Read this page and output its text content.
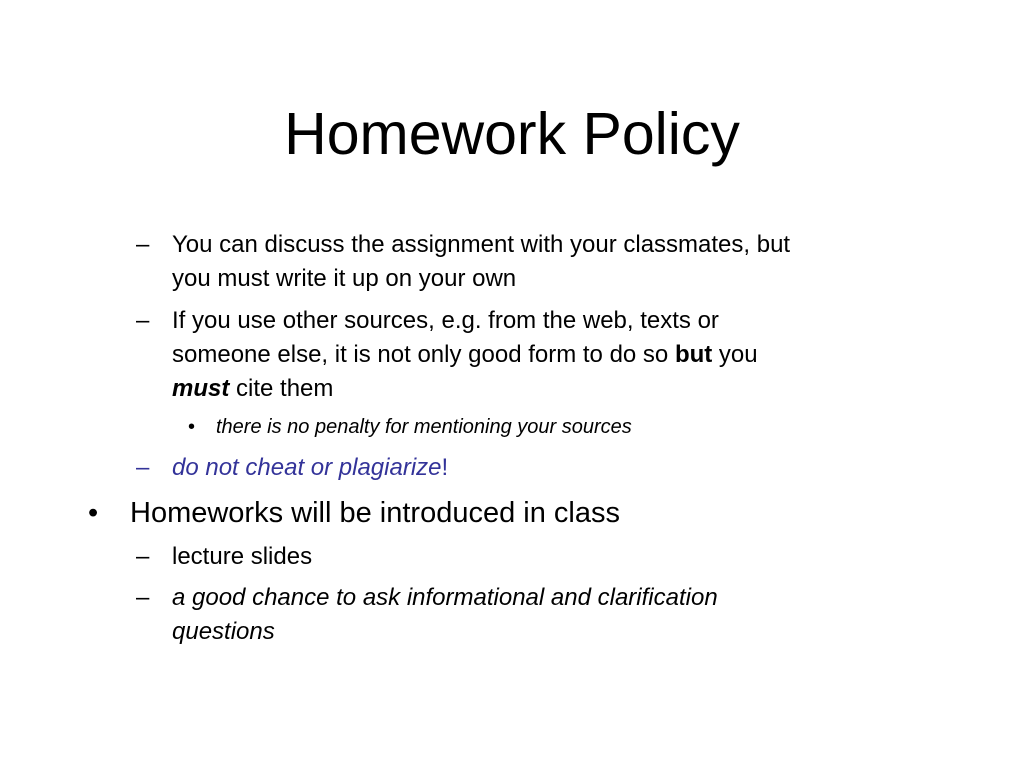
Homework Policy
– You can discuss the assignment with your classmates, but
you must write it up on your own
– If you use other sources, e.g. from the web, texts or
someone else, it is not only good form to do so but you
must cite them
• there is no penalty for mentioning your sources
– do not cheat or plagiarize!
• Homeworks will be introduced in class
– lecture slides
– a good chance to ask informational and clarification
questions
